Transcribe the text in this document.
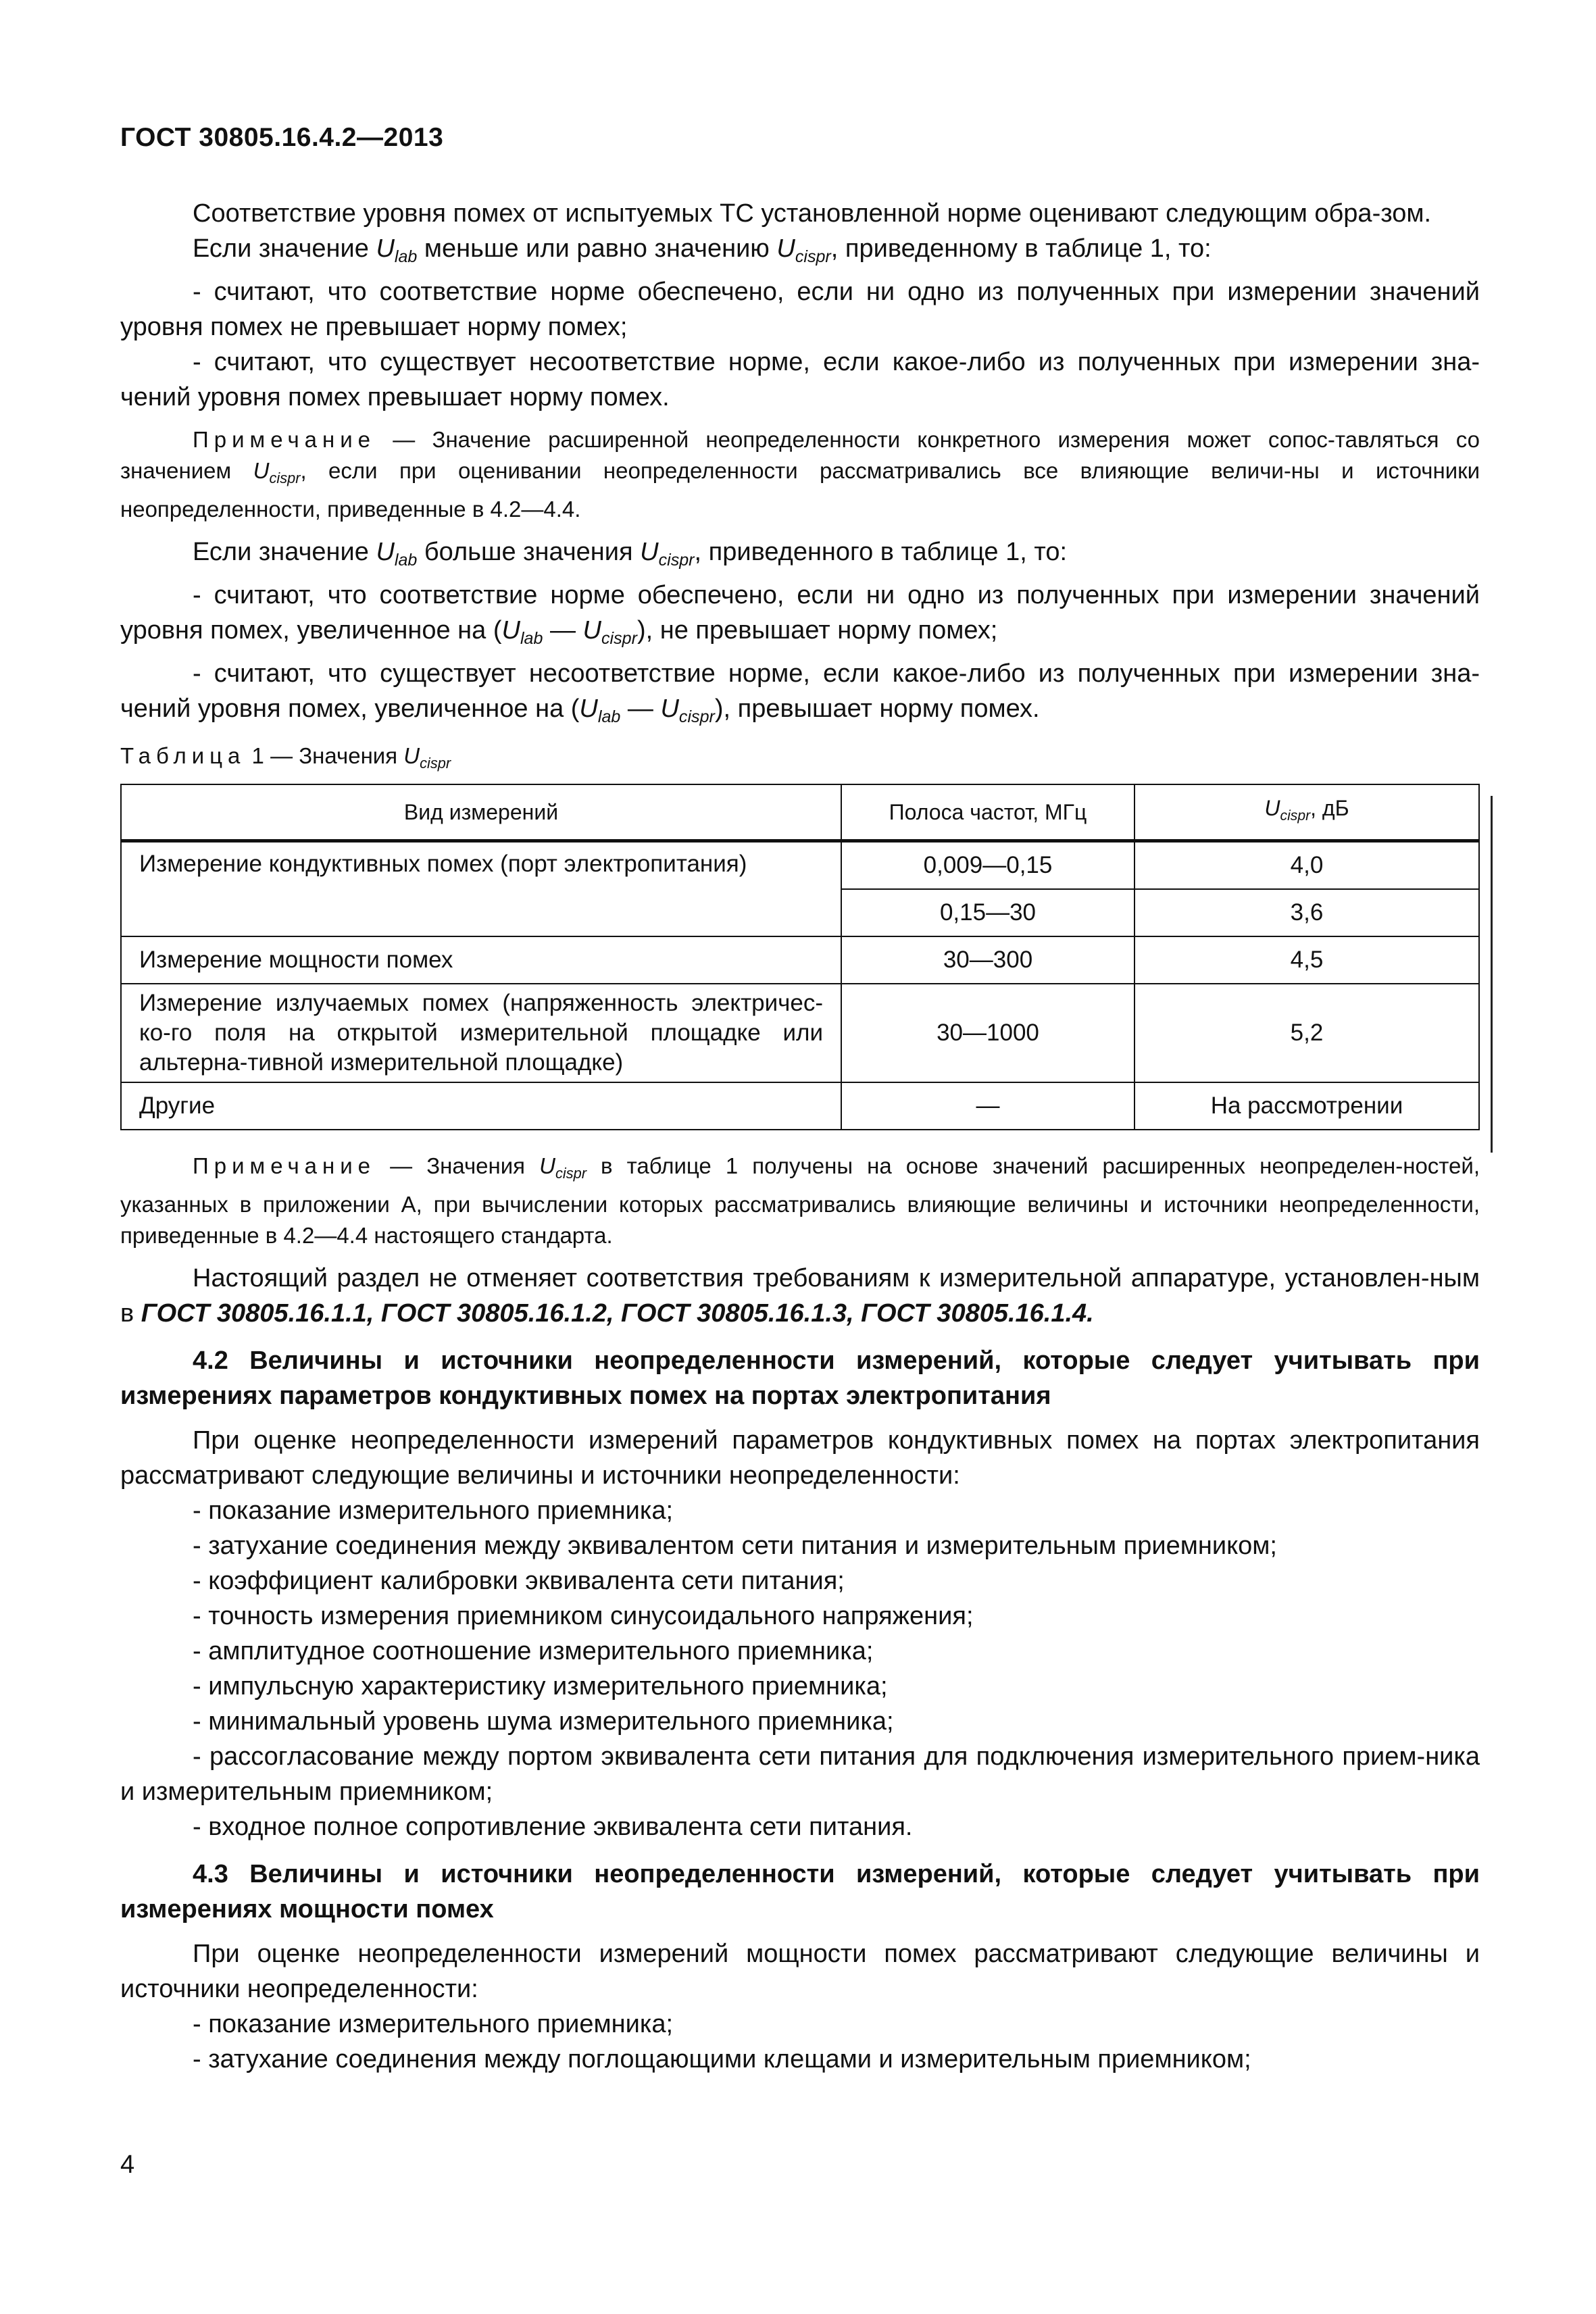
ГОСТ 30805.16.4.2—2013

Соответствие уровня помех от испытуемых ТС установленной норме оценивают следующим обра-зом.

Если значение $U_{lab}$ меньше или равно значению $U_{cispr}$, приведенному в таблице 1, то:

- считают, что соответствие норме обеспечено, если ни одно из полученных при измерении значений уровня помех не превышает норму помех;

- считают, что существует несоответствие норме, если какое-либо из полученных при измерении зна-чений уровня помех превышает норму помех.

Примечание — Значение расширенной неопределенности конкретного измерения может сопос-тавляться со значением $U_{cispr}$, если при оценивании неопределенности рассматривались все влияющие величи-ны и источники неопределенности, приведенные в 4.2—4.4.

Если значение $U_{lab}$ больше значения $U_{cispr}$, приведенного в таблице 1, то:

- считают, что соответствие норме обеспечено, если ни одно из полученных при измерении значений уровня помех, увеличенное на ($U_{lab}$ — $U_{cispr}$), не превышает норму помех;

- считают, что существует несоответствие норме, если какое-либо из полученных при измерении зна-чений уровня помех, увеличенное на ($U_{lab}$ — $U_{cispr}$), превышает норму помех.

Таблица 1 — Значения $U_{cispr}$

Вид измерений	Полоса частот, МГц	$U_{cispr}$, дБ
Измерение кондуктивных помех (порт электропитания)	0,009—0,15	4,0
	0,15—30	3,6
Измерение мощности помех	30—300	4,5
Измерение излучаемых помех (напряженность электричес-ко-го поля на открытой измерительной площадке или альтерна-тивной измерительной площадке)	30—1000	5,2
Другие	—	На рассмотрении

Примечание — Значения $U_{cispr}$ в таблице 1 получены на основе значений расширенных неопределен-ностей, указанных в приложении А, при вычислении которых рассматривались влияющие величины и источники неопределенности, приведенные в 4.2—4.4 настоящего стандарта.

Настоящий раздел не отменяет соответствия требованиям к измерительной аппаратуре, установлен-ным в ГОСТ 30805.16.1.1, ГОСТ 30805.16.1.2, ГОСТ 30805.16.1.3, ГОСТ 30805.16.1.4.

4.2 Величины и источники неопределенности измерений, которые следует учитывать при измерениях параметров кондуктивных помех на портах электропитания

При оценке неопределенности измерений параметров кондуктивных помех на портах электропитания рассматривают следующие величины и источники неопределенности:

- показание измерительного приемника;

- затухание соединения между эквивалентом сети питания и измерительным приемником;

- коэффициент калибровки эквивалента сети питания;

- точность измерения приемником синусоидального напряжения;

- амплитудное соотношение измерительного приемника;

- импульсную характеристику измерительного приемника;

- минимальный уровень шума измерительного приемника;

- рассогласование между портом эквивалента сети питания для подключения измерительного прием-ника и измерительным приемником;

- входное полное сопротивление эквивалента сети питания.

4.3 Величины и источники неопределенности измерений, которые следует учитывать при измерениях мощности помех

При оценке неопределенности измерений мощности помех рассматривают следующие величины и источники неопределенности:

- показание измерительного приемника;

- затухание соединения между поглощающими клещами и измерительным приемником;

4
